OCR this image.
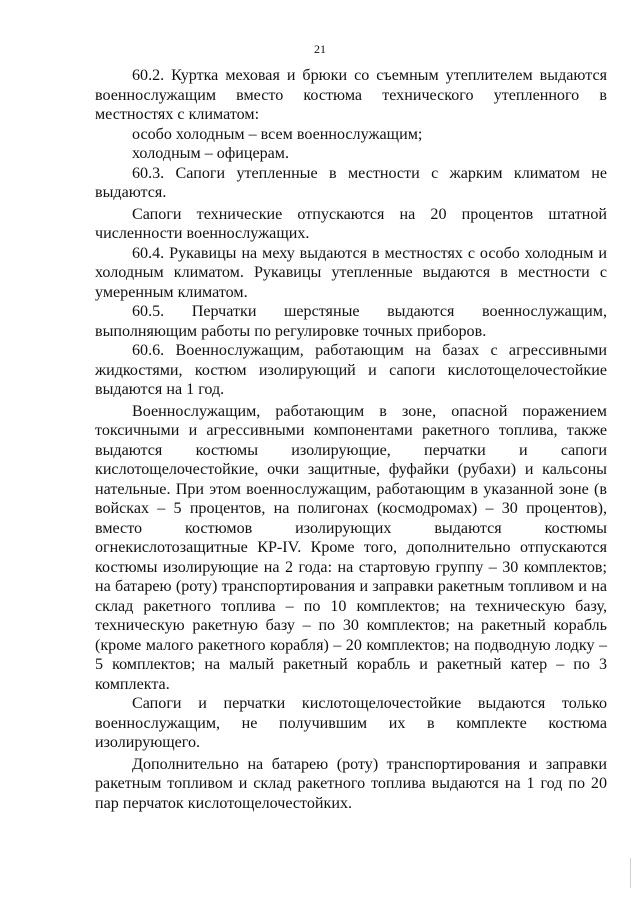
21

60.2. Куртка меховая и брюки со съемным утеплителем выдаются военнослужащим вместо костюма технического утепленного в местностях с климатом:

особо холодным – всем военнослужащим;

холодным – офицерам.

60.3. Сапоги утепленные в местности с жарким климатом не выдаются.

Сапоги технические отпускаются на 20 процентов штатной численности военнослужащих.

60.4. Рукавицы на меху выдаются в местностях с особо холодным и холодным климатом. Рукавицы утепленные выдаются в местности с умеренным климатом.

60.5. Перчатки шерстяные выдаются военнослужащим, выполняющим работы по регулировке точных приборов.

60.6. Военнослужащим, работающим на базах с агрессивными жидкостями, костюм изолирующий и сапоги кислотощелочестойкие выдаются на 1 год.

Военнослужащим, работающим в зоне, опасной поражением токсичными и агрессивными компонентами ракетного топлива, также выдаются костюмы изолирующие, перчатки и сапоги кислотощелочестойкие, очки защитные, фуфайки (рубахи) и кальсоны нательные. При этом военнослужащим, работающим в указанной зоне (в войсках – 5 процентов, на полигонах (космодромах) – 30 процентов), вместо костюмов изолирующих выдаются костюмы огнекислотозащитные КР-IV. Кроме того, дополнительно отпускаются костюмы изолирующие на 2 года: на стартовую группу – 30 комплектов; на батарею (роту) транспортирования и заправки ракетным топливом и на склад ракетного топлива – по 10 комплектов; на техническую базу, техническую ракетную базу – по 30 комплектов; на ракетный корабль (кроме малого ракетного корабля) – 20 комплектов; на подводную лодку – 5 комплектов; на малый ракетный корабль и ракетный катер – по 3 комплекта.

Сапоги и перчатки кислотощелочестойкие выдаются только военнослужащим, не получившим их в комплекте костюма изолирующего.

Дополнительно на батарею (роту) транспортирования и заправки ракетным топливом и склад ракетного топлива выдаются на 1 год по 20 пар перчаток кислотощелочестойких.
